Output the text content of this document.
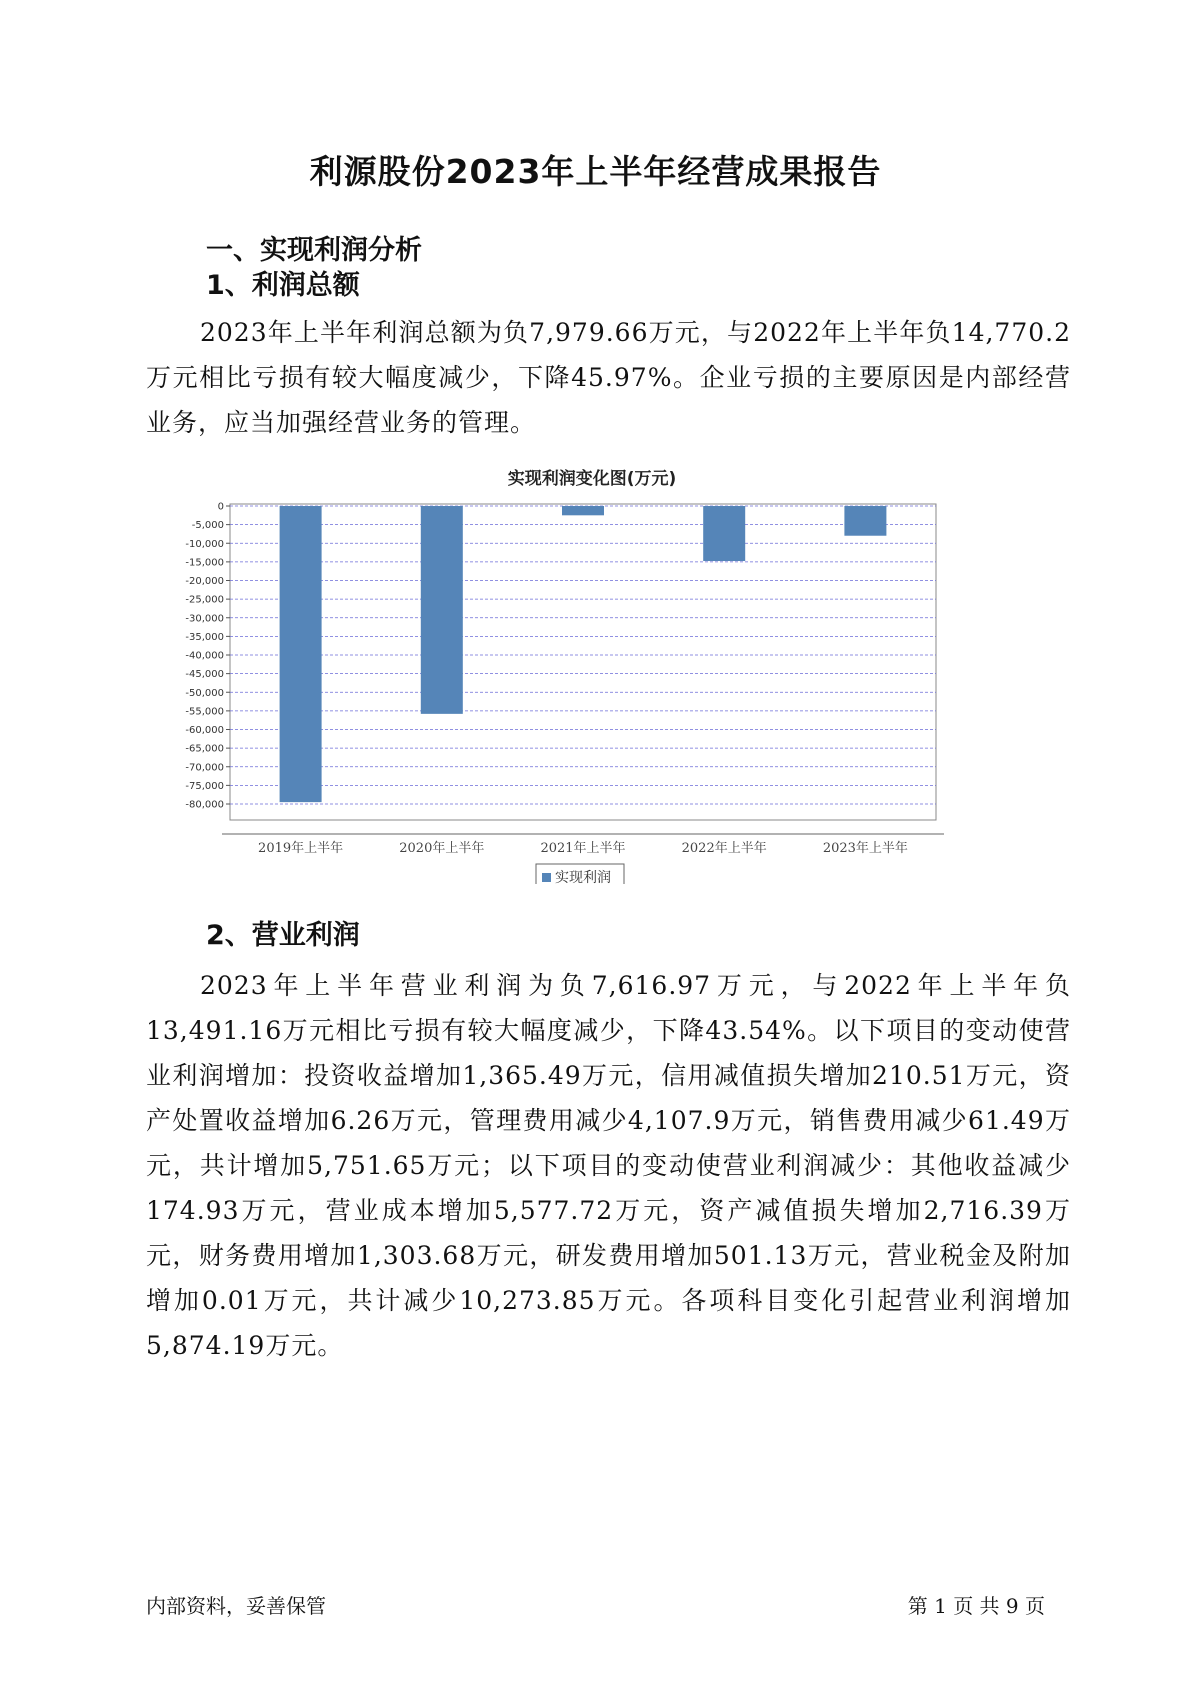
利源股份2023年上半年经营成果报告
一、实现利润分析
1、利润总额

2023年上半年利润总额为负7,979.66万元，与2022年上半年负14,770.2万元相比亏损有较大幅度减少，下降45.97%。企业亏损的主要原因是内部经营业务，应当加强经营业务的管理。

实现利润变化图(万元)
0
-5,000
-10,000
-15,000
-20,000
-25,000
-30,000
-35,000
-40,000
-45,000
-50,000
-55,000
-60,000
-65,000
-70,000
-75,000
-80,000
2019年上半年	2020年上半年	2021年上半年	2022年上半年	2023年上半年
实现利润
2、营业利润

2023年上半年营业利润为负7,616.97万元，与2022年上半年负13,491.16万元相比亏损有较大幅度减少，下降43.54%。以下项目的变动使营业利润增加：投资收益增加1,365.49万元，信用减值损失增加210.51万元，资产处置收益增加6.26万元，管理费用减少4,107.9万元，销售费用减少61.49万元，共计增加5,751.65万元；以下项目的变动使营业利润减少：其他收益减少174.93万元，营业成本增加5,577.72万元，资产减值损失增加2,716.39万元，财务费用增加1,303.68万元，研发费用增加501.13万元，营业税金及附加增加0.01万元，共计减少10,273.85万元。各项科目变化引起营业利润增加5,874.19万元。

内部资料，妥善保管	第 1 页 共 9 页
